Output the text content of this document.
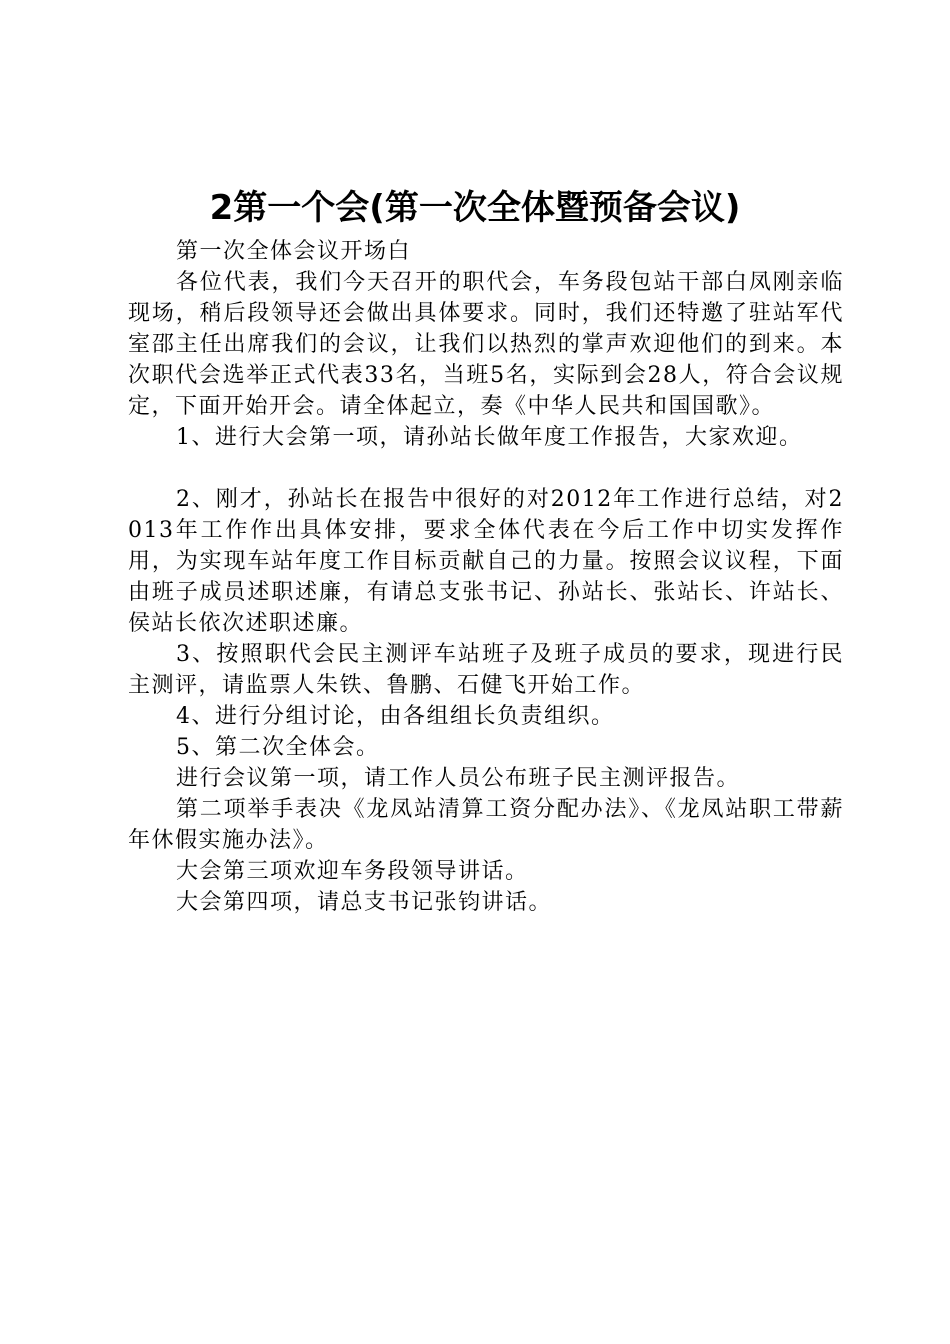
2第一个会(第一次全体暨预备会议)

第一次全体会议开场白

各位代表，我们今天召开的职代会，车务段包站干部白凤刚亲临现场，稍后段领导还会做出具体要求。同时，我们还特邀了驻站军代室邵主任出席我们的会议，让我们以热烈的掌声欢迎他们的到来。本次职代会选举正式代表33名，当班5名，实际到会28人，符合会议规定，下面开始开会。请全体起立，奏《中华人民共和国国歌》。

1、进行大会第一项，请孙站长做年度工作报告，大家欢迎。

2、刚才，孙站长在报告中很好的对2012年工作进行总结，对2013年工作作出具体安排，要求全体代表在今后工作中切实发挥作用，为实现车站年度工作目标贡献自己的力量。按照会议议程，下面由班子成员述职述廉，有请总支张书记、孙站长、张站长、许站长、侯站长依次述职述廉。

3、按照职代会民主测评车站班子及班子成员的要求，现进行民主测评，请监票人朱铁、鲁鹏、石健飞开始工作。

4、进行分组讨论，由各组组长负责组织。

5、第二次全体会。

进行会议第一项，请工作人员公布班子民主测评报告。

第二项举手表决《龙凤站清算工资分配办法》、《龙凤站职工带薪年休假实施办法》。

大会第三项欢迎车务段领导讲话。

大会第四项，请总支书记张钧讲话。
